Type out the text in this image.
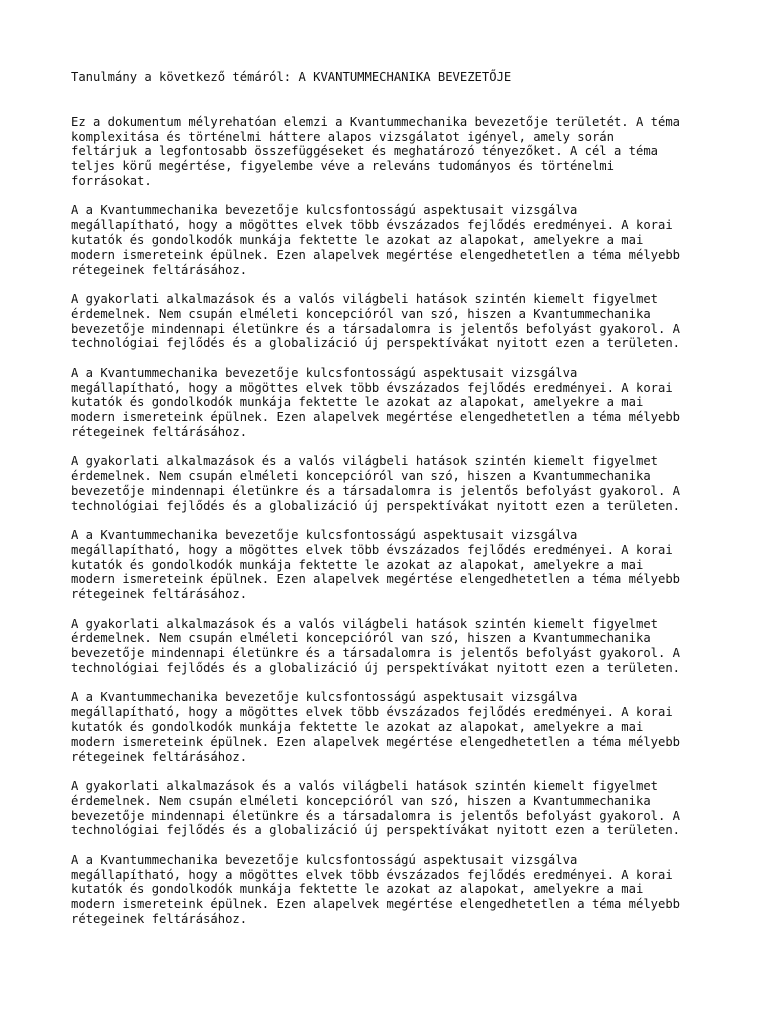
Tanulmány a következő témáról: A KVANTUMMECHANIKA BEVEZETŐJE

Ez a dokumentum mélyrehatóan elemzi a Kvantummechanika bevezetője területét. A téma
komplexitása és történelmi háttere alapos vizsgálatot igényel, amely során
feltárjuk a legfontosabb összefüggéseket és meghatározó tényezőket. A cél a téma
teljes körű megértése, figyelembe véve a releváns tudományos és történelmi
forrásokat.

A a Kvantummechanika bevezetője kulcsfontosságú aspektusait vizsgálva
megállapítható, hogy a mögöttes elvek több évszázados fejlődés eredményei. A korai
kutatók és gondolkodók munkája fektette le azokat az alapokat, amelyekre a mai
modern ismereteink épülnek. Ezen alapelvek megértése elengedhetetlen a téma mélyebb
rétegeinek feltárásához.

A gyakorlati alkalmazások és a valós világbeli hatások szintén kiemelt figyelmet
érdemelnek. Nem csupán elméleti koncepcióról van szó, hiszen a Kvantummechanika
bevezetője mindennapi életünkre és a társadalomra is jelentős befolyást gyakorol. A
technológiai fejlődés és a globalizáció új perspektívákat nyitott ezen a területen.

A a Kvantummechanika bevezetője kulcsfontosságú aspektusait vizsgálva
megállapítható, hogy a mögöttes elvek több évszázados fejlődés eredményei. A korai
kutatók és gondolkodók munkája fektette le azokat az alapokat, amelyekre a mai
modern ismereteink épülnek. Ezen alapelvek megértése elengedhetetlen a téma mélyebb
rétegeinek feltárásához.

A gyakorlati alkalmazások és a valós világbeli hatások szintén kiemelt figyelmet
érdemelnek. Nem csupán elméleti koncepcióról van szó, hiszen a Kvantummechanika
bevezetője mindennapi életünkre és a társadalomra is jelentős befolyást gyakorol. A
technológiai fejlődés és a globalizáció új perspektívákat nyitott ezen a területen.

A a Kvantummechanika bevezetője kulcsfontosságú aspektusait vizsgálva
megállapítható, hogy a mögöttes elvek több évszázados fejlődés eredményei. A korai
kutatók és gondolkodók munkája fektette le azokat az alapokat, amelyekre a mai
modern ismereteink épülnek. Ezen alapelvek megértése elengedhetetlen a téma mélyebb
rétegeinek feltárásához.

A gyakorlati alkalmazások és a valós világbeli hatások szintén kiemelt figyelmet
érdemelnek. Nem csupán elméleti koncepcióról van szó, hiszen a Kvantummechanika
bevezetője mindennapi életünkre és a társadalomra is jelentős befolyást gyakorol. A
technológiai fejlődés és a globalizáció új perspektívákat nyitott ezen a területen.

A a Kvantummechanika bevezetője kulcsfontosságú aspektusait vizsgálva
megállapítható, hogy a mögöttes elvek több évszázados fejlődés eredményei. A korai
kutatók és gondolkodók munkája fektette le azokat az alapokat, amelyekre a mai
modern ismereteink épülnek. Ezen alapelvek megértése elengedhetetlen a téma mélyebb
rétegeinek feltárásához.

A gyakorlati alkalmazások és a valós világbeli hatások szintén kiemelt figyelmet
érdemelnek. Nem csupán elméleti koncepcióról van szó, hiszen a Kvantummechanika
bevezetője mindennapi életünkre és a társadalomra is jelentős befolyást gyakorol. A
technológiai fejlődés és a globalizáció új perspektívákat nyitott ezen a területen.

A a Kvantummechanika bevezetője kulcsfontosságú aspektusait vizsgálva
megállapítható, hogy a mögöttes elvek több évszázados fejlődés eredményei. A korai
kutatók és gondolkodók munkája fektette le azokat az alapokat, amelyekre a mai
modern ismereteink épülnek. Ezen alapelvek megértése elengedhetetlen a téma mélyebb
rétegeinek feltárásához.
